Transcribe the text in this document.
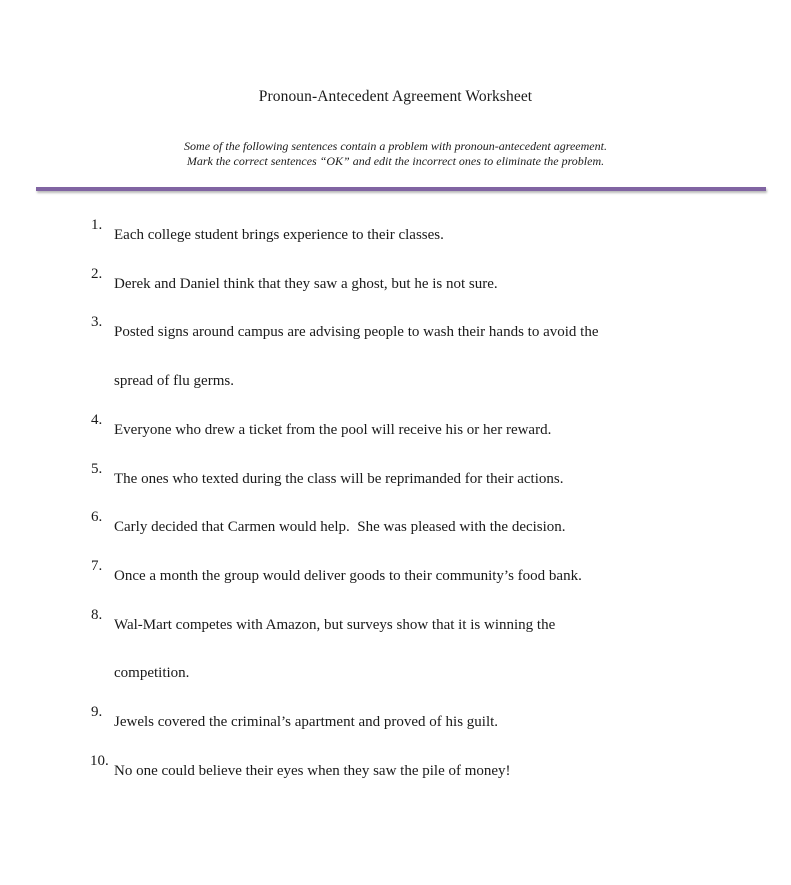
Pronoun-Antecedent Agreement Worksheet
Some of the following sentences contain a problem with pronoun-antecedent agreement.
Mark the correct sentences “OK” and edit the incorrect ones to eliminate the problem.
1.
Each college student brings experience to their classes.
2.
Derek and Daniel think that they saw a ghost, but he is not sure.
3.
Posted signs around campus are advising people to wash their hands to avoid the
spread of flu germs.
4.
Everyone who drew a ticket from the pool will receive his or her reward.
5.
The ones who texted during the class will be reprimanded for their actions.
6.
Carly decided that Carmen would help.  She was pleased with the decision.
7.
Once a month the group would deliver goods to their community’s food bank.
8.
Wal-Mart competes with Amazon, but surveys show that it is winning the
competition.
9.
Jewels covered the criminal’s apartment and proved of his guilt.
10.
No one could believe their eyes when they saw the pile of money!
